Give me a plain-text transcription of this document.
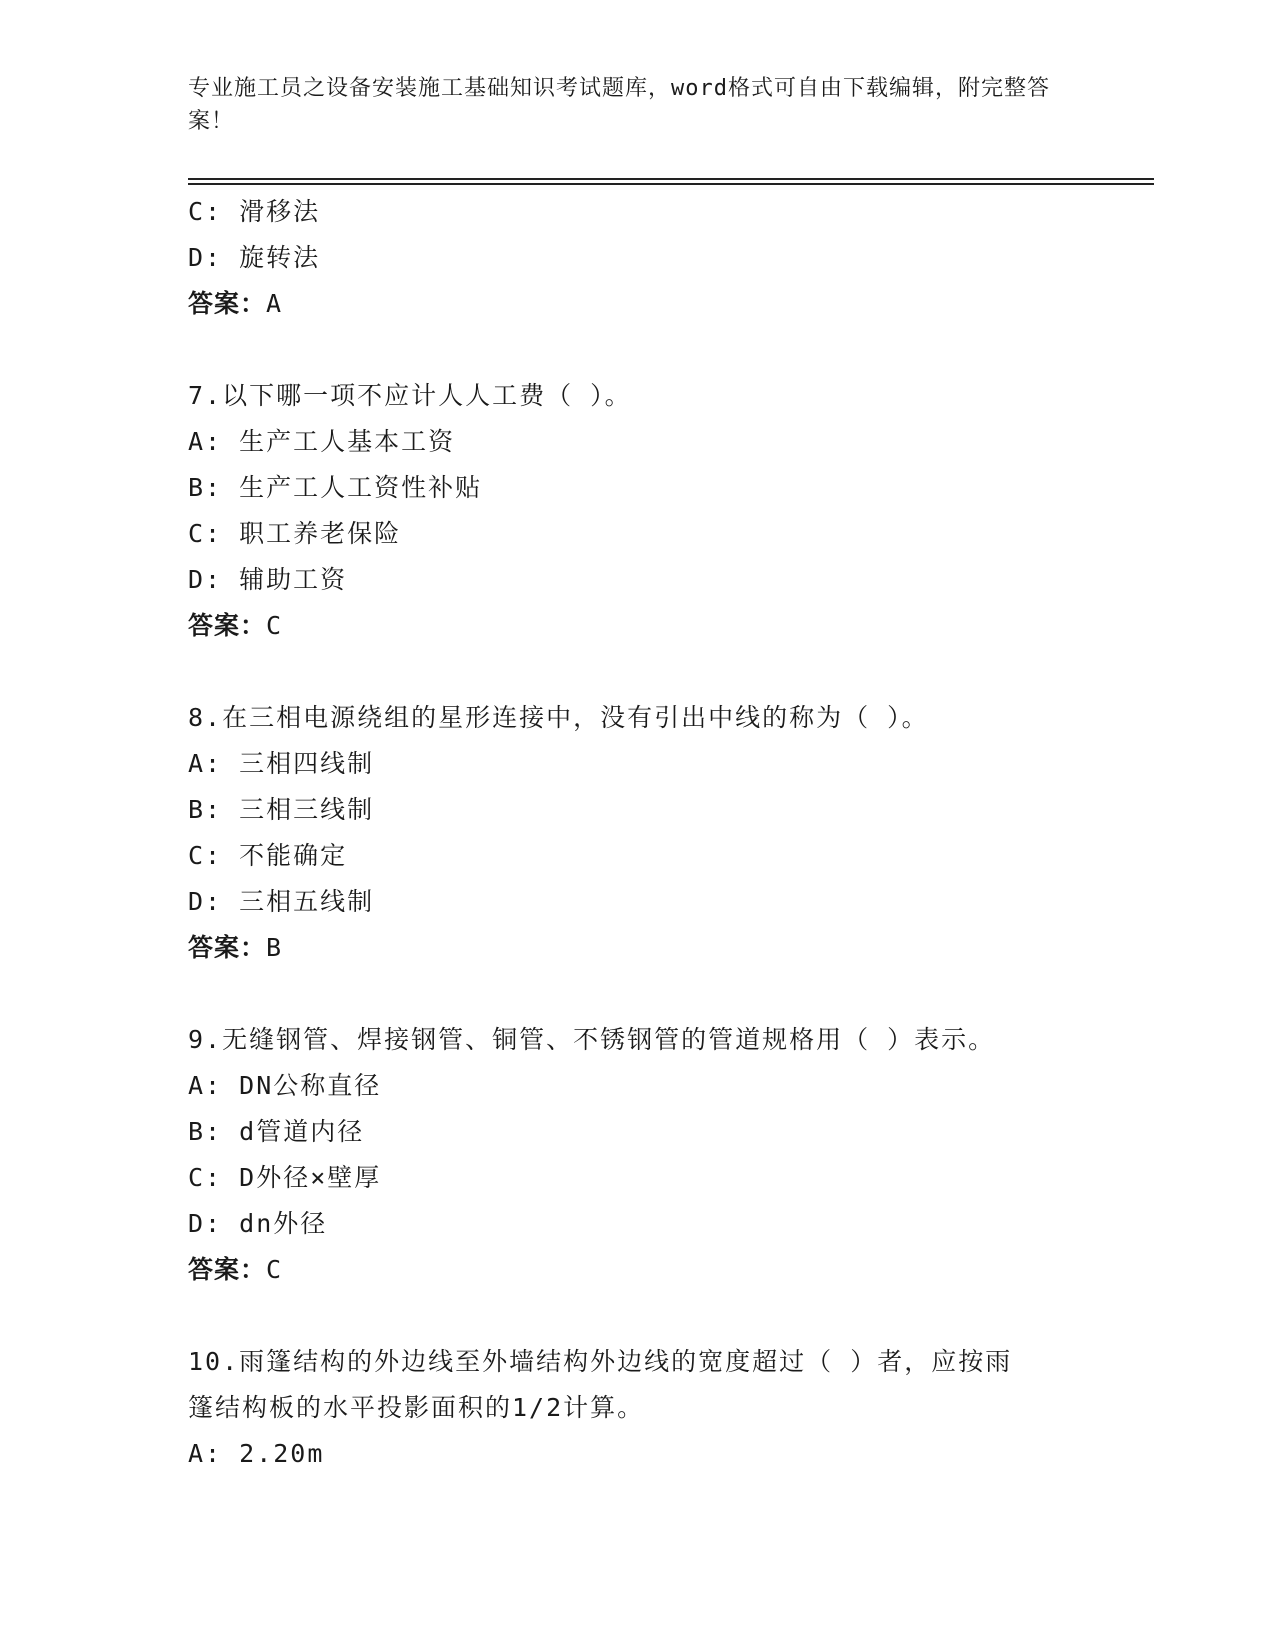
专业施工员之设备安装施工基础知识考试题库，word格式可自由下载编辑，附完整答案！
C: 滑移法
D: 旋转法
答案：A
7.以下哪一项不应计人人工费（ ）。
A: 生产工人基本工资
B: 生产工人工资性补贴
C: 职工养老保险
D: 辅助工资
答案：C
8.在三相电源绕组的星形连接中，没有引出中线的称为（ ）。
A: 三相四线制
B: 三相三线制
C: 不能确定
D: 三相五线制
答案：B
9.无缝钢管、焊接钢管、铜管、不锈钢管的管道规格用（ ）表示。
A: DN公称直径
B: d管道内径
C: D外径×壁厚
D: dn外径
答案：C
10.雨篷结构的外边线至外墙结构外边线的宽度超过（ ）者，应按雨
篷结构板的水平投影面积的1/2计算。
A: 2.20m
